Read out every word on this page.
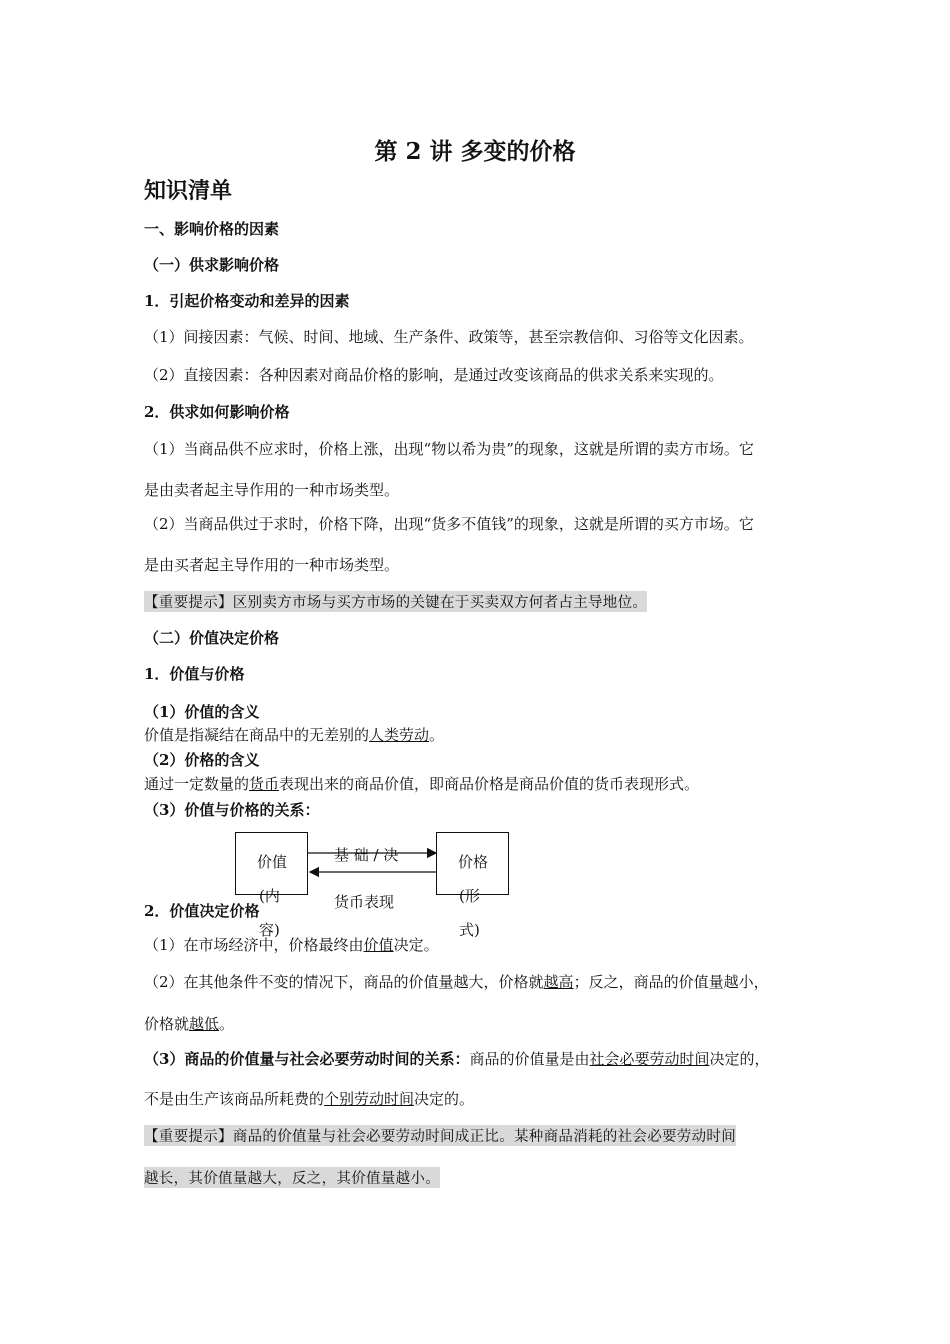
第 2 讲 多变的价格
知识清单
一、影响价格的因素
（一）供求影响价格
1．引起价格变动和差异的因素
（1）间接因素：气候、时间、地域、生产条件、政策等，甚至宗教信仰、习俗等文化因素。
（2）直接因素：各种因素对商品价格的影响，是通过改变该商品的供求关系来实现的。
2．供求如何影响价格
（1）当商品供不应求时，价格上涨，出现“物以希为贵”的现象，这就是所谓的卖方市场。它
是由卖者起主导作用的一种市场类型。
（2）当商品供过于求时，价格下降，出现“货多不值钱”的现象，这就是所谓的买方市场。它
是由买者起主导作用的一种市场类型。
【重要提示】区别卖方市场与买方市场的关键在于买卖双方何者占主导地位。
（二）价值决定价格
1．价值与价格
（1）价值的含义
价值是指凝结在商品中的无差别的人类劳动。
（2）价格的含义
通过一定数量的货币表现出来的商品价值，即商品价格是商品价值的货币表现形式。
（3）价值与价格的关系：
价值	价格
基 础 / 决
货币表现
2．价值决定价格
(内
容)
(形
式)
（1）在市场经济中，价格最终由价值决定。
（2）在其他条件不变的情况下，商品的价值量越大，价格就越高；反之，商品的价值量越小，
价格就越低。
（3）商品的价值量与社会必要劳动时间的关系：商品的价值量是由社会必要劳动时间决定的，
不是由生产该商品所耗费的个别劳动时间决定的。
【重要提示】商品的价值量与社会必要劳动时间成正比。某种商品消耗的社会必要劳动时间
越长，其价值量越大，反之，其价值量越小。
